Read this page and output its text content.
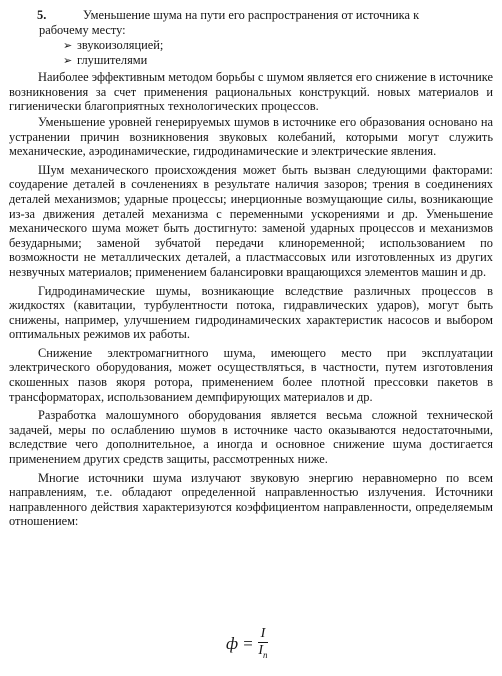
5.	Уменьшение шума на пути его распространения от источника к
рабочему месту:
➢ звукоизоляцией;
➢ глушителями

Наиболее эффективным методом борьбы с шумом является его снижение в источнике возникновения за счет применения рациональных конструкций. новых материалов и гигиенически благоприятных технологических процессов.

Уменьшение уровней генерируемых шумов в источнике его образования основано на устранении причин возникновения звуковых колебаний, которыми могут служить механические, аэродинамические, гидродинамические и электрические явления.

Шум механического происхождения может быть вызван следующими факторами: соударение деталей в сочленениях в результате наличия зазоров; трения в соединениях деталей механизмов; ударные процессы; инерционные возмущающие силы, возникающие из-за движения деталей механизма с переменными ускорениями и др. Уменьшение механического шума может быть достигнуто: заменой ударных процессов и механизмов безударными; заменой зубчатой передачи клиноременной; использованием по возможности не металлических деталей, а пластмассовых или изготовленных из других незвучных материалов; применением балансировки вращающихся элементов машин и др.

Гидродинамические шумы, возникающие вследствие различных процессов в жидкостях (кавитации, турбулентности потока, гидравлических ударов), могут быть снижены, например, улучшением гидродинамических характеристик насосов и выбором оптимальных режимов их работы.

Снижение электромагнитного шума, имеющего место при эксплуатации электрического оборудования, может осуществляться, в частности, путем изготовления скошенных пазов якоря ротора, применением более плотной прессовки пакетов в трансформаторах, использованием демпфирующих материалов и др.

Разработка малошумного оборудования является весьма сложной технической задачей, меры по ослаблению шумов в источнике часто оказываются недостаточными, вследствие чего дополнительное, а иногда и основное снижение шума достигается применением других средств защиты, рассмотренных ниже.

Многие источники шума излучают звуковую энергию неравномерно по всем направлениям, т.е. обладают определенной направленностью излучения. Источники направленного действия характеризуются коэффициентом направленности, определяемым отношением:

$ф = \frac{I}{I_п}$
